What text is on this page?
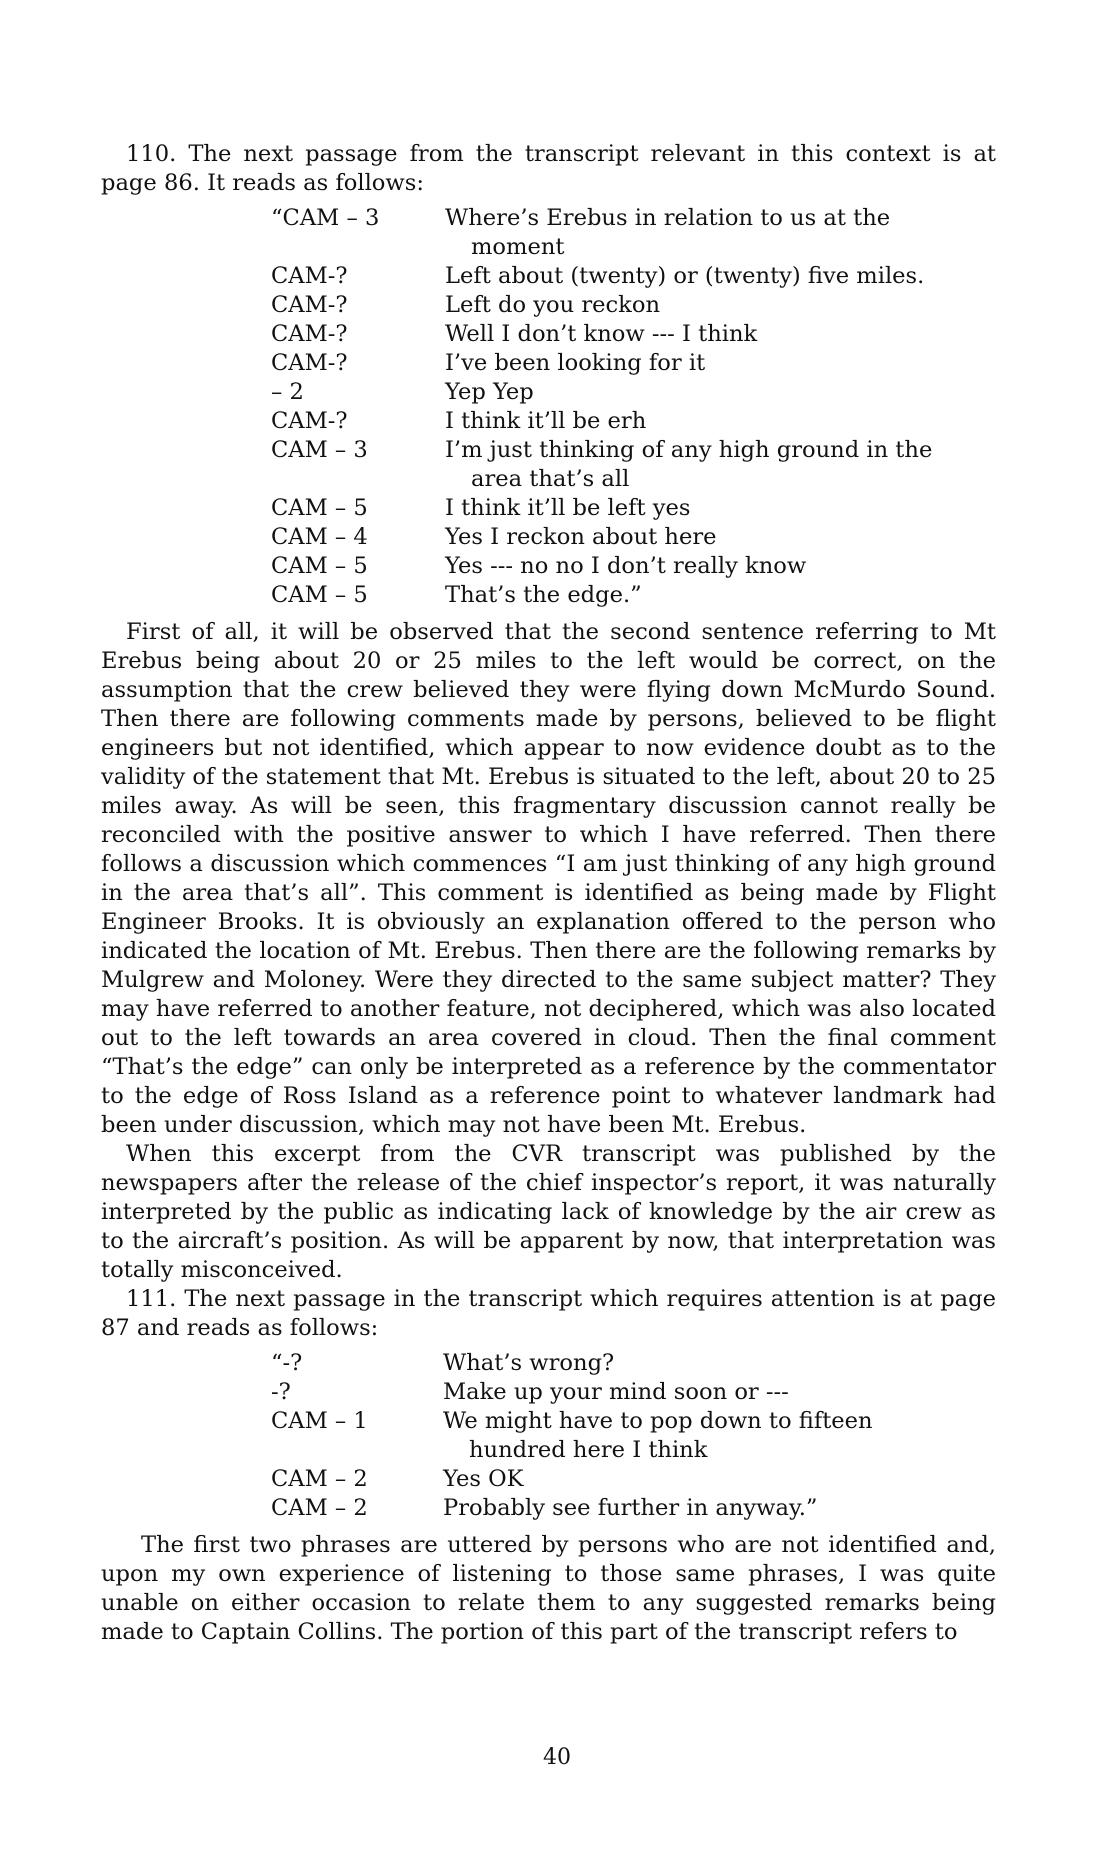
110. The next passage from the transcript relevant in this context is at page 86. It reads as follows:

“CAM – 3	Where’s Erebus in relation to us at the
moment
CAM-?	Left about (twenty) or (twenty) five miles.
CAM-?	Left do you reckon
CAM-?	Well I don’t know --- I think
CAM-?	I’ve been looking for it
– 2	Yep Yep
CAM-?	I think it’ll be erh
CAM – 3	I’m just thinking of any high ground in the
area that’s all
CAM – 5	I think it’ll be left yes
CAM – 4	Yes I reckon about here
CAM – 5	Yes --- no no I don’t really know
CAM – 5	That’s the edge.”

First of all, it will be observed that the second sentence referring to Mt Erebus being about 20 or 25 miles to the left would be correct, on the assumption that the crew believed they were flying down McMurdo Sound. Then there are following comments made by persons, believed to be flight engineers but not identified, which appear to now evidence doubt as to the validity of the statement that Mt. Erebus is situated to the left, about 20 to 25 miles away. As will be seen, this fragmentary discussion cannot really be reconciled with the positive answer to which I have referred. Then there follows a discussion which commences “I am just thinking of any high ground in the area that’s all”. This comment is identified as being made by Flight Engineer Brooks. It is obviously an explanation offered to the person who indicated the location of Mt. Erebus. Then there are the following remarks by Mulgrew and Moloney. Were they directed to the same subject matter? They may have referred to another feature, not deciphered, which was also located out to the left towards an area covered in cloud. Then the final comment “That’s the edge” can only be interpreted as a reference by the commentator to the edge of Ross Island as a reference point to whatever landmark had been under discussion, which may not have been Mt. Erebus.

When this excerpt from the CVR transcript was published by the newspapers after the release of the chief inspector’s report, it was naturally interpreted by the public as indicating lack of knowledge by the air crew as to the aircraft’s position. As will be apparent by now, that interpretation was totally misconceived.

111. The next passage in the transcript which requires attention is at page 87 and reads as follows:

“-?	What’s wrong?
-?	Make up your mind soon or ---
CAM – 1	We might have to pop down to fifteen
hundred here I think
CAM – 2	Yes OK
CAM – 2	Probably see further in anyway.”

The first two phrases are uttered by persons who are not identified and, upon my own experience of listening to those same phrases, I was quite unable on either occasion to relate them to any suggested remarks being made to Captain Collins. The portion of this part of the transcript refers to

40
